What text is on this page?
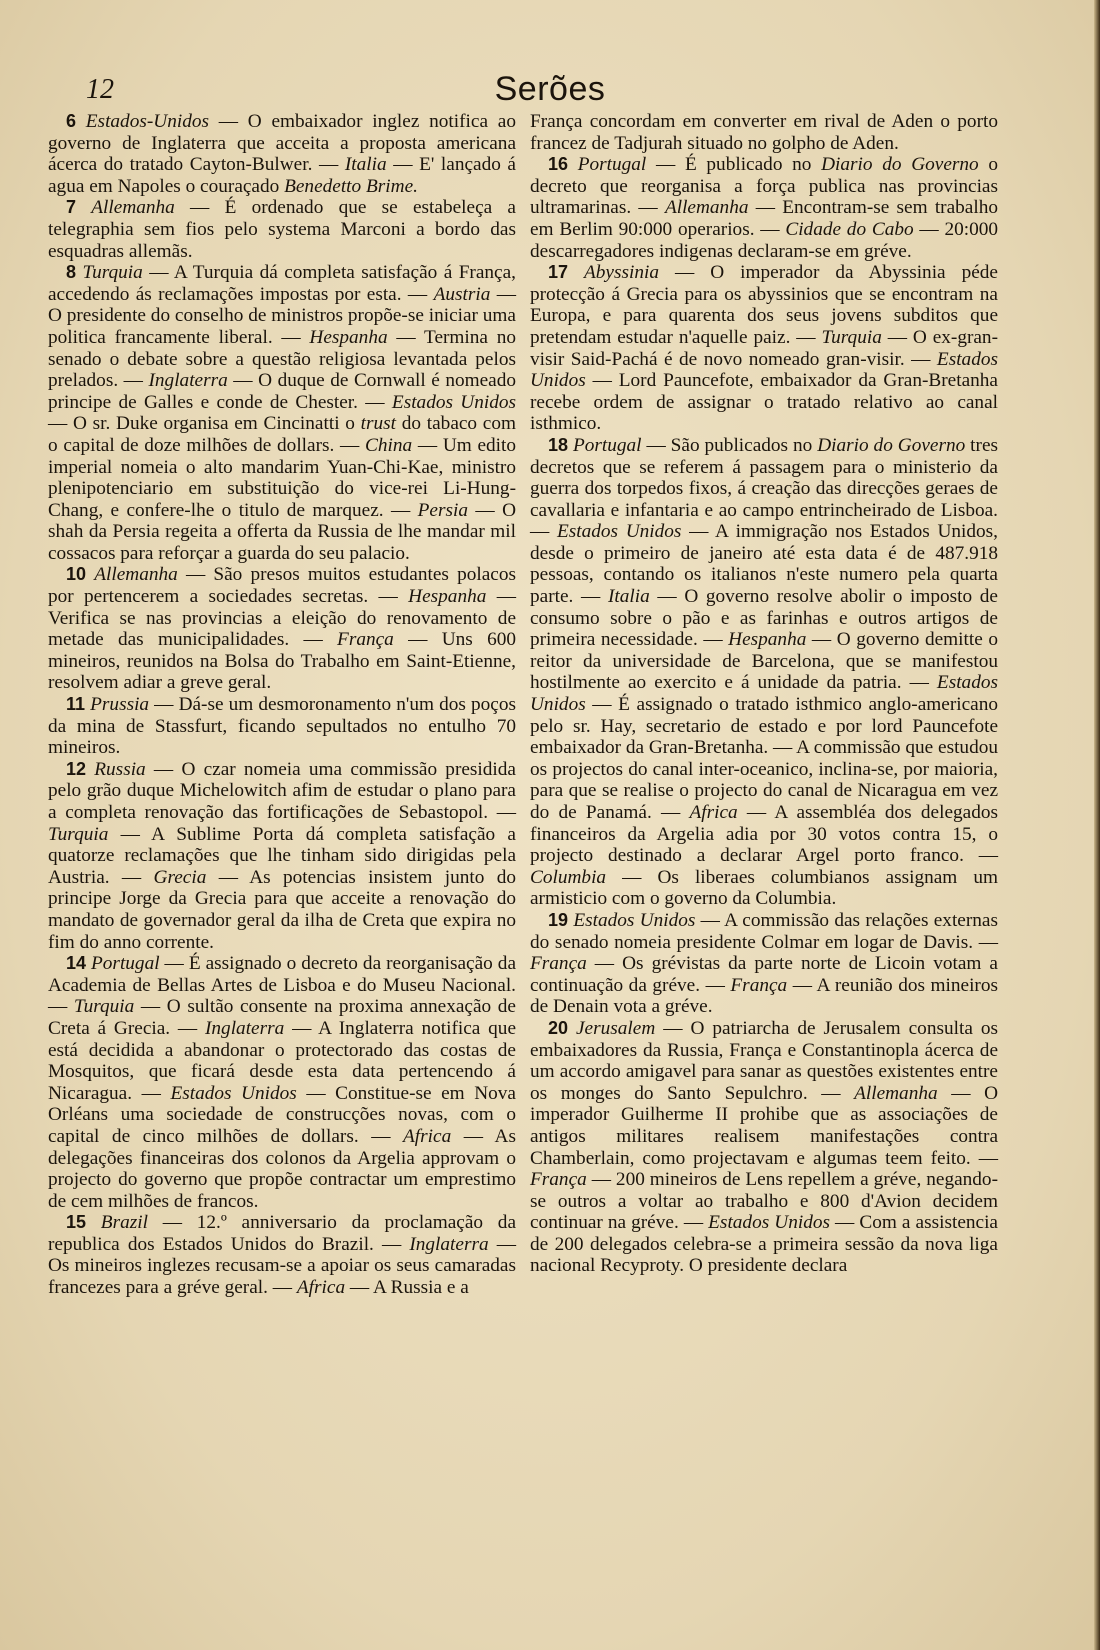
12	Serões

6 Estados-Unidos — O embaixador inglez notifica ao governo de Inglaterra que acceita a proposta americana ácerca do tratado Cayton-Bulwer. — Italia — E' lançado á agua em Napoles o couraçado Benedetto Brime.

7 Allemanha — É ordenado que se estabeleça a telegraphia sem fios pelo systema Marconi a bordo das esquadras allemãs.

8 Turquia — A Turquia dá completa satisfação á França, accedendo ás reclamações impostas por esta. — Austria — O presidente do conselho de ministros propõe-se iniciar uma politica francamente liberal. — Hespanha — Termina no senado o debate sobre a questão religiosa levantada pelos prelados. — Inglaterra — O duque de Cornwall é nomeado principe de Galles e conde de Chester. — Estados Unidos — O sr. Duke organisa em Cincinatti o trust do tabaco com o capital de doze milhões de dollars. — China — Um edito imperial nomeia o alto mandarim Yuan-Chi-Kae, ministro plenipotenciario em substituição do vice-rei Li-Hung-Chang, e confere-lhe o titulo de marquez. — Persia — O shah da Persia regeita a offerta da Russia de lhe mandar mil cossacos para reforçar a guarda do seu palacio.

10 Allemanha — São presos muitos estudantes polacos por pertencerem a sociedades secretas. — Hespanha — Verifica se nas provincias a eleição do renovamento de metade das municipalidades. — França — Uns 600 mineiros, reunidos na Bolsa do Trabalho em Saint-Etienne, resolvem adiar a greve geral.

11 Prussia — Dá-se um desmoronamento n'um dos poços da mina de Stassfurt, ficando sepultados no entulho 70 mineiros.

12 Russia — O czar nomeia uma commissão presidida pelo grão duque Michelowitch afim de estudar o plano para a completa renovação das fortificações de Sebastopol. — Turquia — A Sublime Porta dá completa satisfação a quatorze reclamações que lhe tinham sido dirigidas pela Austria. — Grecia — As potencias insistem junto do principe Jorge da Grecia para que acceite a renovação do mandato de governador geral da ilha de Creta que expira no fim do anno corrente.

14 Portugal — É assignado o decreto da reorganisação da Academia de Bellas Artes de Lisboa e do Museu Nacional. — Turquia — O sultão consente na proxima annexação de Creta á Grecia. — Inglaterra — A Inglaterra notifica que está decidida a abandonar o protectorado das costas de Mosquitos, que ficará desde esta data pertencendo á Nicaragua. — Estados Unidos — Constitue-se em Nova Orléans uma sociedade de construcções novas, com o capital de cinco milhões de dollars. — Africa — As delegações financeiras dos colonos da Argelia approvam o projecto do governo que propõe contractar um emprestimo de cem milhões de francos.

15 Brazil — 12.º anniversario da proclamação da republica dos Estados Unidos do Brazil. — Inglaterra — Os mineiros inglezes recusam-se a apoiar os seus camaradas francezes para a gréve geral. — Africa — A Russia e a

França concordam em converter em rival de Aden o porto francez de Tadjurah situado no golpho de Aden.

16 Portugal — É publicado no Diario do Governo o decreto que reorganisa a força publica nas provincias ultramarinas. — Allemanha — Encontram-se sem trabalho em Berlim 90:000 operarios. — Cidade do Cabo — 20:000 descarregadores indigenas declaram-se em gréve.

17 Abyssinia — O imperador da Abyssinia péde protecção á Grecia para os abyssinios que se encontram na Europa, e para quarenta dos seus jovens subditos que pretendam estudar n'aquelle paiz. — Turquia — O ex-gran-visir Said-Pachá é de novo nomeado gran-visir. — Estados Unidos — Lord Pauncefote, embaixador da Gran-Bretanha recebe ordem de assignar o tratado relativo ao canal isthmico.

18 Portugal — São publicados no Diario do Governo tres decretos que se referem á passagem para o ministerio da guerra dos torpedos fixos, á creação das direcções geraes de cavallaria e infantaria e ao campo entrincheirado de Lisboa. — Estados Unidos — A immigração nos Estados Unidos, desde o primeiro de janeiro até esta data é de 487.918 pessoas, contando os italianos n'este numero pela quarta parte. — Italia — O governo resolve abolir o imposto de consumo sobre o pão e as farinhas e outros artigos de primeira necessidade. — Hespanha — O governo demitte o reitor da universidade de Barcelona, que se manifestou hostilmente ao exercito e á unidade da patria. — Estados Unidos — É assignado o tratado isthmico anglo-americano pelo sr. Hay, secretario de estado e por lord Pauncefote embaixador da Gran-Bretanha. — A commissão que estudou os projectos do canal inter-oceanico, inclina-se, por maioria, para que se realise o projecto do canal de Nicaragua em vez do de Panamá. — Africa — A assembléa dos delegados financeiros da Argelia adia por 30 votos contra 15, o projecto destinado a declarar Argel porto franco. — Columbia — Os liberaes columbianos assignam um armisticio com o governo da Columbia.

19 Estados Unidos — A commissão das relações externas do senado nomeia presidente Colmar em logar de Davis. — França — Os grévistas da parte norte de Licoin votam a continuação da gréve. — França — A reunião dos mineiros de Denain vota a gréve.

20 Jerusalem — O patriarcha de Jerusalem consulta os embaixadores da Russia, França e Constantinopla ácerca de um accordo amigavel para sanar as questões existentes entre os monges do Santo Sepulchro. — Allemanha — O imperador Guilherme II prohibe que as associações de antigos militares realisem manifestações contra Chamberlain, como projectavam e algumas teem feito. — França — 200 mineiros de Lens repellem a gréve, negando-se outros a voltar ao trabalho e 800 d'Avion decidem continuar na gréve. — Estados Unidos — Com a assistencia de 200 delegados celebra-se a primeira sessão da nova liga nacional Recyproty. O presidente declara
